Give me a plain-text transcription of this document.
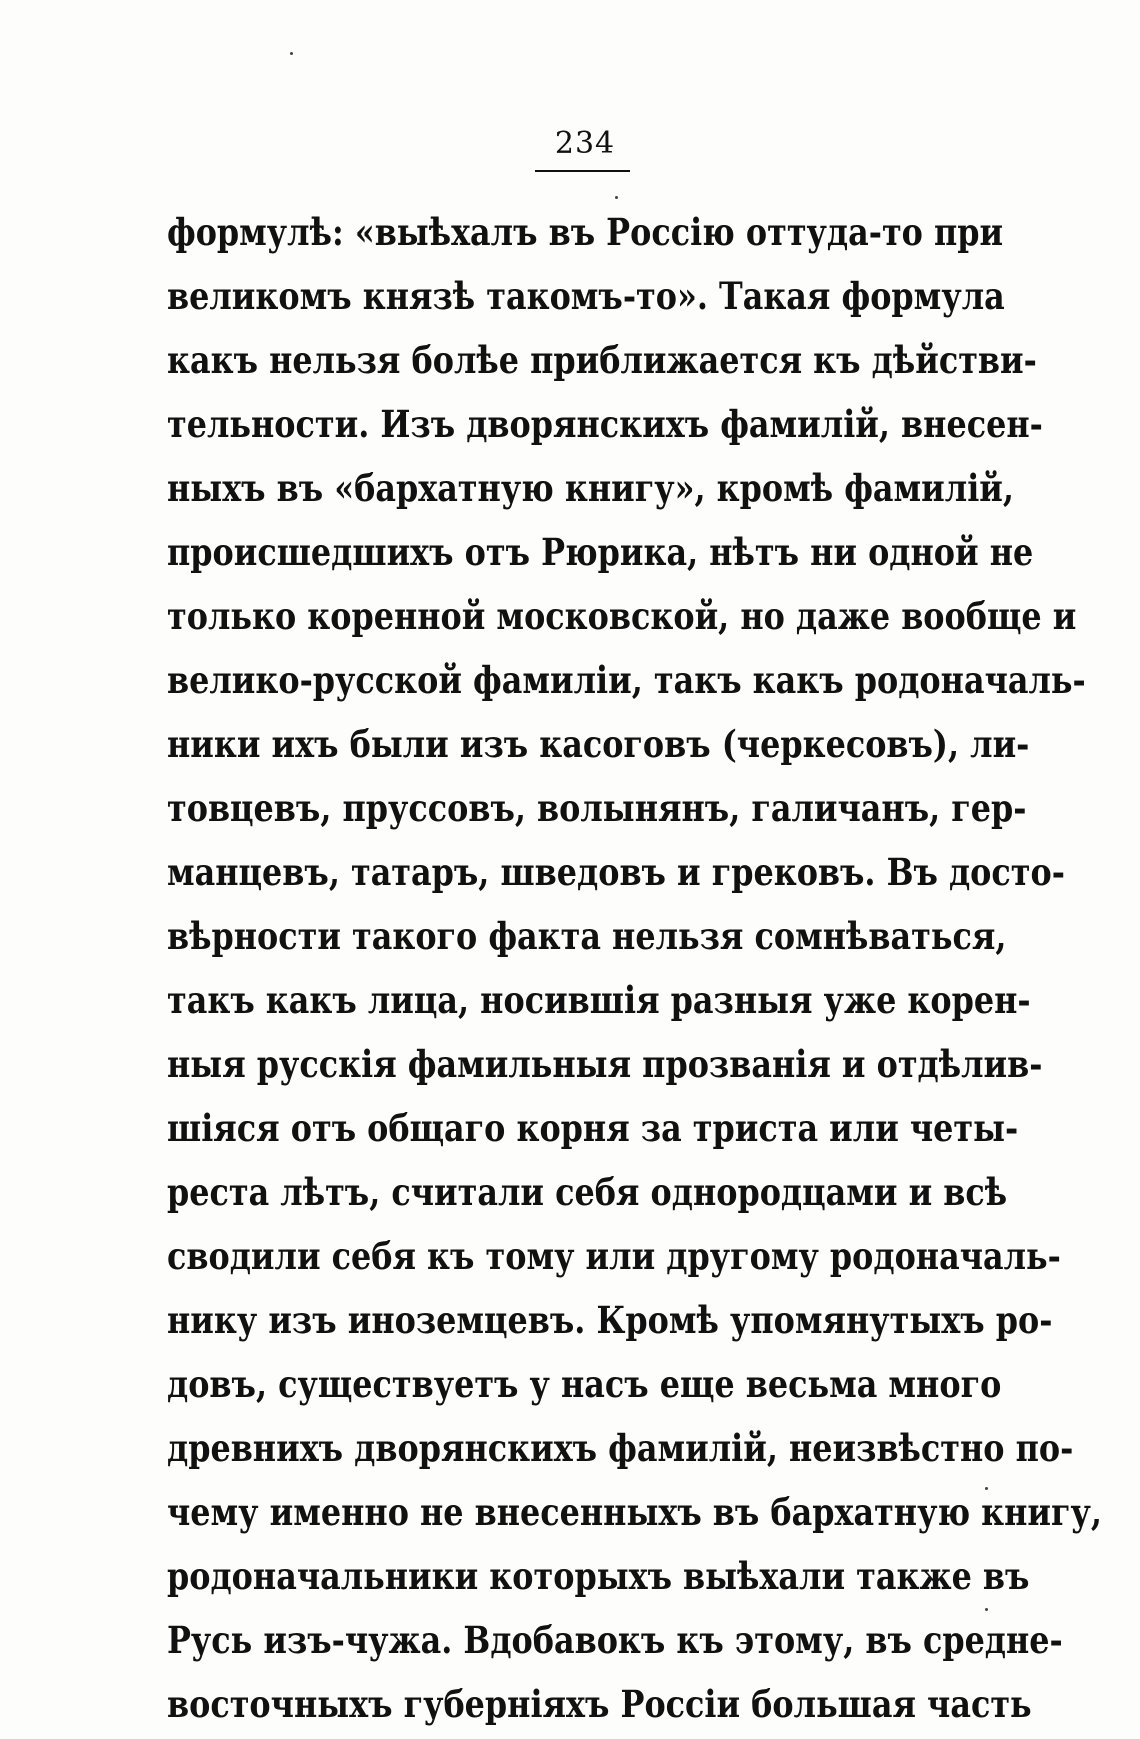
234
формулѣ: «выѣхалъ въ Россію оттуда-то при
великомъ князѣ такомъ-то». Такая формула
какъ нельзя болѣе приближается къ дѣйстви-
тельности. Изъ дворянскихъ фамилій, внесен-
ныхъ въ «бархатную книгу», кромѣ фамилій,
происшедшихъ отъ Рюрика, нѣтъ ни одной не
только коренной московской, но даже вообще и
велико-русской фамиліи, такъ какъ родоначаль-
ники ихъ были изъ касоговъ (черкесовъ), ли-
товцевъ, пруссовъ, волынянъ, галичанъ, гер-
манцевъ, татаръ, шведовъ и грековъ. Въ досто-
вѣрности такого факта нельзя сомнѣваться,
такъ какъ лица, носившія разныя уже корен-
ныя русскія фамильныя прозванія и отдѣлив-
шіяся отъ общаго корня за триста или четы-
реста лѣтъ, считали себя однородцами и всѣ
сводили себя къ тому или другому родоначаль-
нику изъ иноземцевъ. Кромѣ упомянутыхъ ро-
довъ, существуетъ у насъ еще весьма много
древнихъ дворянскихъ фамилій, неизвѣстно по-
чему именно не внесенныхъ въ бархатную книгу,
родоначальники которыхъ выѣхали также въ
Русь изъ-чужа. Вдобавокъ къ этому, въ средне-
восточныхъ губерніяхъ Россіи большая часть
